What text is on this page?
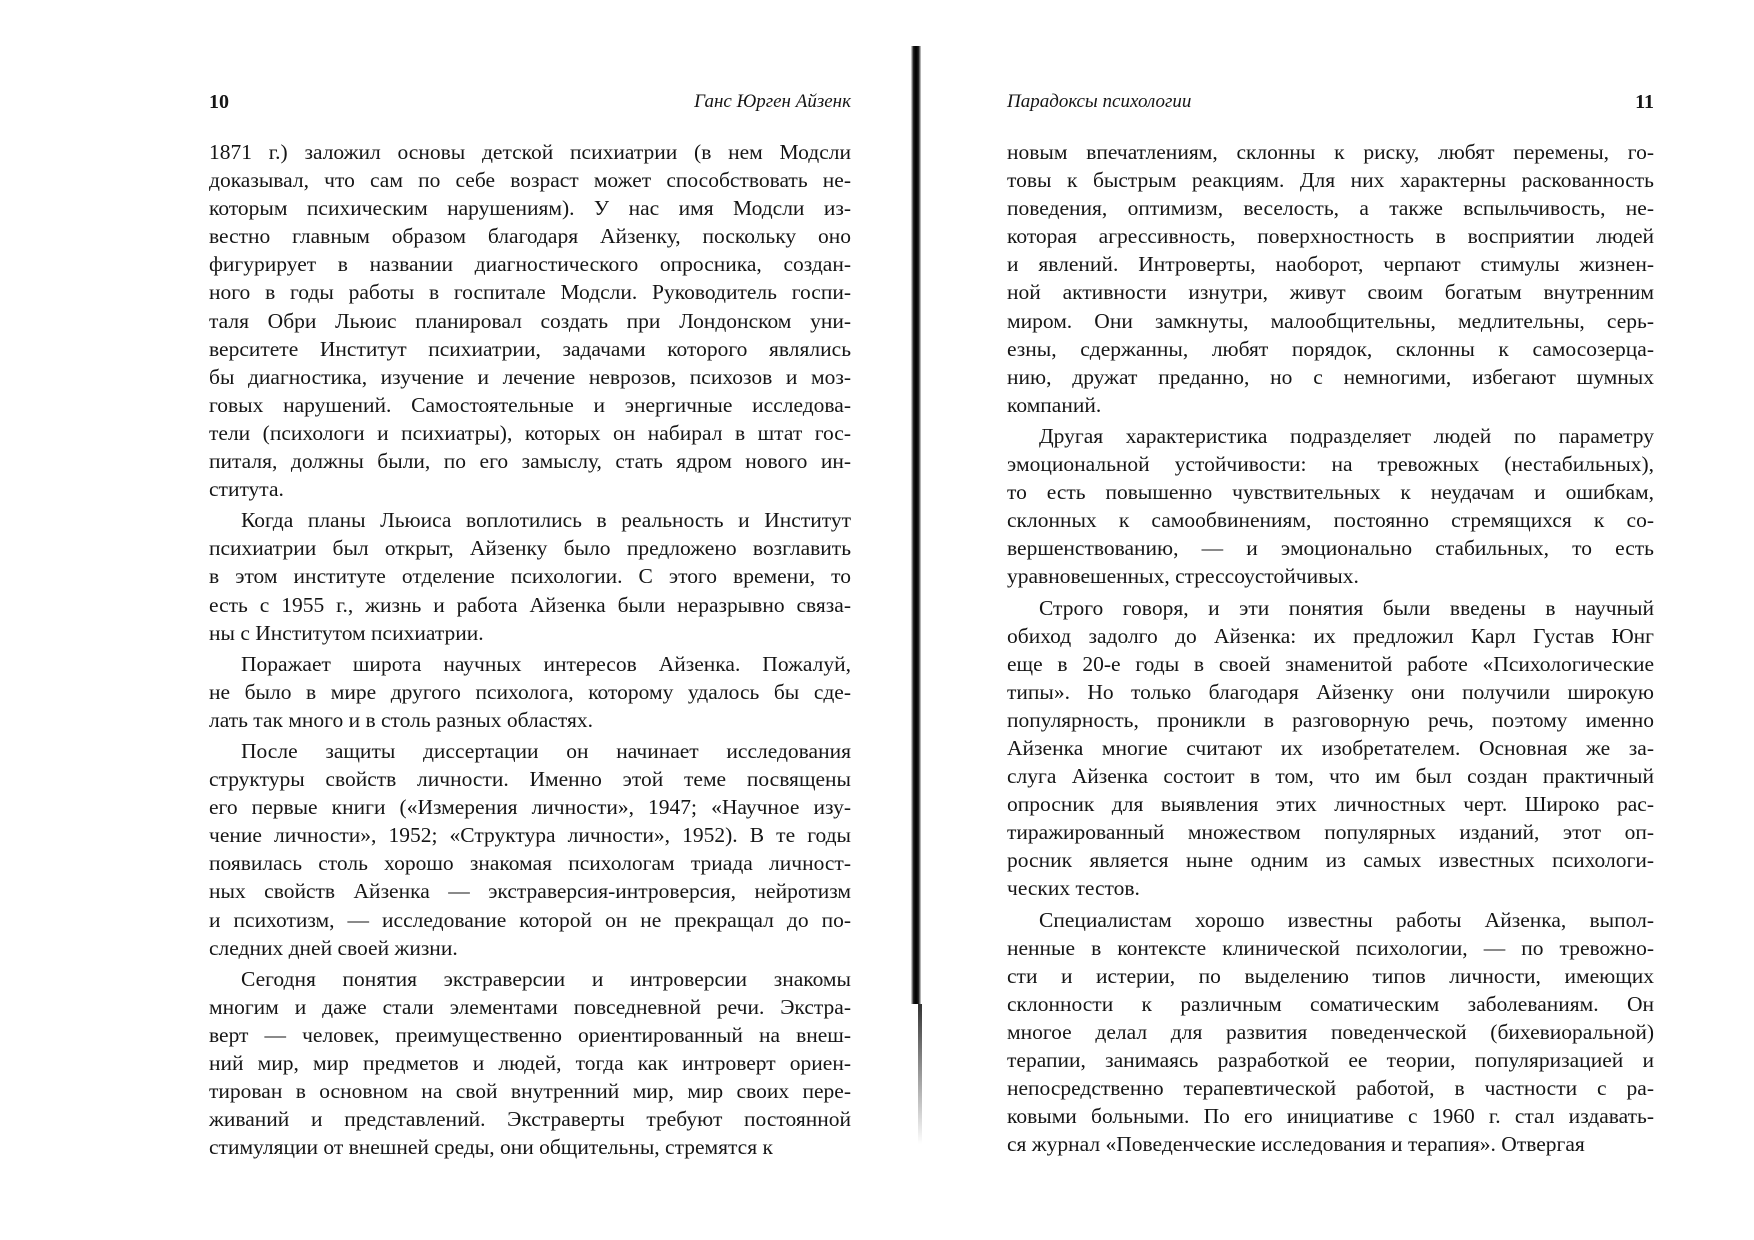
10	Ганс Юрген Айзенк

1871 г.) заложил основы детской психиатрии (в нем Модсли
доказывал, что сам по себе возраст может способствовать не-
которым психическим нарушениям). У нас имя Модсли из-
вестно главным образом благодаря Айзенку, поскольку оно
фигурирует в названии диагностического опросника, создан-
ного в годы работы в госпитале Модсли. Руководитель госпи-
таля Обри Льюис планировал создать при Лондонском уни-
верситете Институт психиатрии, задачами которого являлись
бы диагностика, изучение и лечение неврозов, психозов и моз-
говых нарушений. Самостоятельные и энергичные исследова-
тели (психологи и психиатры), которых он набирал в штат гос-
питаля, должны были, по его замыслу, стать ядром нового ин-
ститута.

Когда планы Льюиса воплотились в реальность и Институт
психиатрии был открыт, Айзенку было предложено возглавить
в этом институте отделение психологии. С этого времени, то
есть с 1955 г., жизнь и работа Айзенка были неразрывно связа-
ны с Институтом психиатрии.

Поражает широта научных интересов Айзенка. Пожалуй,
не было в мире другого психолога, которому удалось бы сде-
лать так много и в столь разных областях.

После защиты диссертации он начинает исследования
структуры свойств личности. Именно этой теме посвящены
его первые книги («Измерения личности», 1947; «Научное изу-
чение личности», 1952; «Структура личности», 1952). В те годы
появилась столь хорошо знакомая психологам триада личност-
ных свойств Айзенка — экстраверсия-интроверсия, нейротизм
и психотизм, — исследование которой он не прекращал до по-
следних дней своей жизни.

Сегодня понятия экстраверсии и интроверсии знакомы
многим и даже стали элементами повседневной речи. Экстра-
верт — человек, преимущественно ориентированный на внеш-
ний мир, мир предметов и людей, тогда как интроверт ориен-
тирован в основном на свой внутренний мир, мир своих пере-
живаний и представлений. Экстраверты требуют постоянной
стимуляции от внешней среды, они общительны, стремятся к

Парадоксы психологии	11

новым впечатлениям, склонны к риску, любят перемены, го-
товы к быстрым реакциям. Для них характерны раскованность
поведения, оптимизм, веселость, а также вспыльчивость, не-
которая агрессивность, поверхностность в восприятии людей
и явлений. Интроверты, наоборот, черпают стимулы жизнен-
ной активности изнутри, живут своим богатым внутренним
миром. Они замкнуты, малообщительны, медлительны, серь-
езны, сдержанны, любят порядок, склонны к самосозерца-
нию, дружат преданно, но с немногими, избегают шумных
компаний.

Другая характеристика подразделяет людей по параметру
эмоциональной устойчивости: на тревожных (нестабильных),
то есть повышенно чувствительных к неудачам и ошибкам,
склонных к самообвинениям, постоянно стремящихся к со-
вершенствованию, — и эмоционально стабильных, то есть
уравновешенных, стрессоустойчивых.

Строго говоря, и эти понятия были введены в научный
обиход задолго до Айзенка: их предложил Карл Густав Юнг
еще в 20-е годы в своей знаменитой работе «Психологические
типы». Но только благодаря Айзенку они получили широкую
популярность, проникли в разговорную речь, поэтому именно
Айзенка многие считают их изобретателем. Основная же за-
слуга Айзенка состоит в том, что им был создан практичный
опросник для выявления этих личностных черт. Широко рас-
тиражированный множеством популярных изданий, этот оп-
росник является ныне одним из самых известных психологи-
ческих тестов.

Специалистам хорошо известны работы Айзенка, выпол-
ненные в контексте клинической психологии, — по тревожно-
сти и истерии, по выделению типов личности, имеющих
склонности к различным соматическим заболеваниям. Он
многое делал для развития поведенческой (бихевиоральной)
терапии, занимаясь разработкой ее теории, популяризацией и
непосредственно терапевтической работой, в частности с ра-
ковыми больными. По его инициативе с 1960 г. стал издавать-
ся журнал «Поведенческие исследования и терапия». Отвергая
